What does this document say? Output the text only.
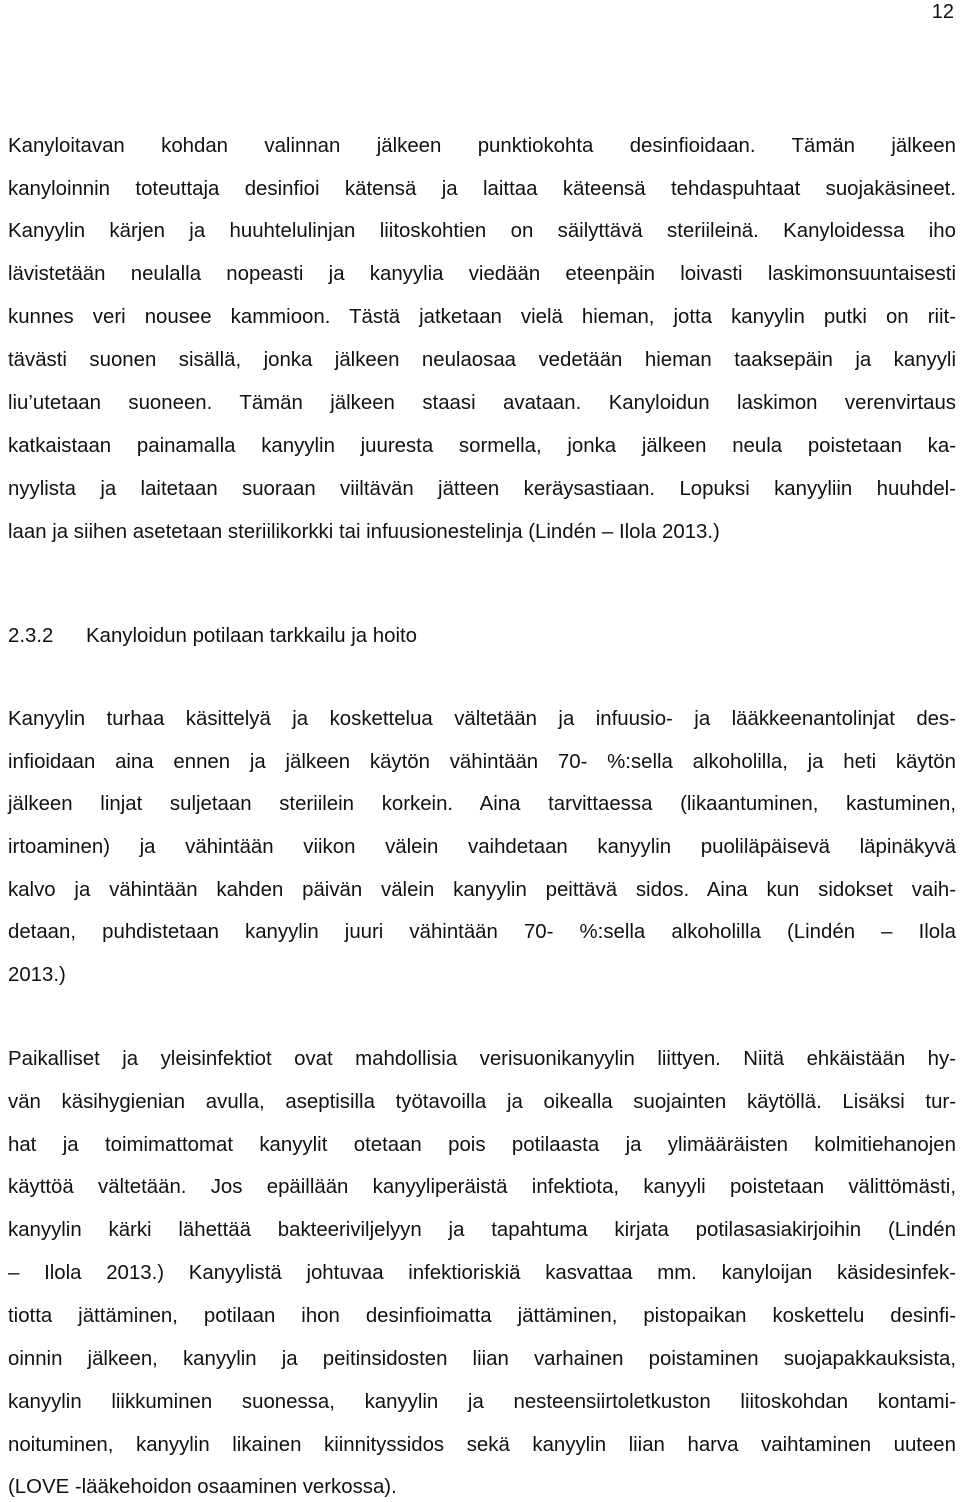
12

Kanyloitavan kohdan valinnan jälkeen punktiokohta desinfioidaan. Tämän jälkeen

kanyloinnin toteuttaja desinfioi kätensä ja laittaa käteensä tehdaspuhtaat suojakäsineet.

Kanyylin kärjen ja huuhtelulinjan liitoskohtien on säilyttävä steriileinä. Kanyloidessa iho

lävistetään neulalla nopeasti ja kanyylia viedään eteenpäin loivasti laskimonsuuntaisesti

kunnes veri nousee kammioon. Tästä jatketaan vielä hieman, jotta kanyylin putki on riit-

tävästi suonen sisällä, jonka jälkeen neulaosaa vedetään hieman taaksepäin ja kanyyli

liu’utetaan suoneen. Tämän jälkeen staasi avataan. Kanyloidun laskimon verenvirtaus

katkaistaan painamalla kanyylin juuresta sormella, jonka jälkeen neula poistetaan ka-

nyylista ja laitetaan suoraan viiltävän jätteen keräysastiaan. Lopuksi kanyyliin huuhdel-

laan ja siihen asetetaan steriilikorkki tai infuusionestelinja (Lindén – Ilola 2013.)

2.3.2 Kanyloidun potilaan tarkkailu ja hoito

Kanyylin turhaa käsittelyä ja koskettelua vältetään ja infuusio- ja lääkkeenantolinjat des-

infioidaan aina ennen ja jälkeen käytön vähintään 70- %:sella alkoholilla, ja heti käytön

jälkeen linjat suljetaan steriilein korkein. Aina tarvittaessa (likaantuminen, kastuminen,

irtoaminen) ja vähintään viikon välein vaihdetaan kanyylin puoliläpäisevä läpinäkyvä

kalvo ja vähintään kahden päivän välein kanyylin peittävä sidos. Aina kun sidokset vaih-

detaan, puhdistetaan kanyylin juuri vähintään 70- %:sella alkoholilla (Lindén – Ilola

2013.)

Paikalliset ja yleisinfektiot ovat mahdollisia verisuonikanyylin liittyen. Niitä ehkäistään hy-

vän käsihygienian avulla, aseptisilla työtavoilla ja oikealla suojainten käytöllä. Lisäksi tur-

hat ja toimimattomat kanyylit otetaan pois potilaasta ja ylimääräisten kolmitiehanojen

käyttöä vältetään. Jos epäillään kanyyliperäistä infektiota, kanyyli poistetaan välittömästi,

kanyylin kärki lähettää bakteeriviljelyyn ja tapahtuma kirjata potilasasiakirjoihin (Lindén

– Ilola 2013.) Kanyylistä johtuvaa infektioriskiä kasvattaa mm. kanyloijan käsidesinfek-

tiotta jättäminen, potilaan ihon desinfioimatta jättäminen, pistopaikan koskettelu desinfi-

oinnin jälkeen, kanyylin ja peitinsidosten liian varhainen poistaminen suojapakkauksista,

kanyylin liikkuminen suonessa, kanyylin ja nesteensiirtoletkuston liitoskohdan kontami-

noituminen, kanyylin likainen kiinnityssidos sekä kanyylin liian harva vaihtaminen uuteen

(LOVE -lääkehoidon osaaminen verkossa).
